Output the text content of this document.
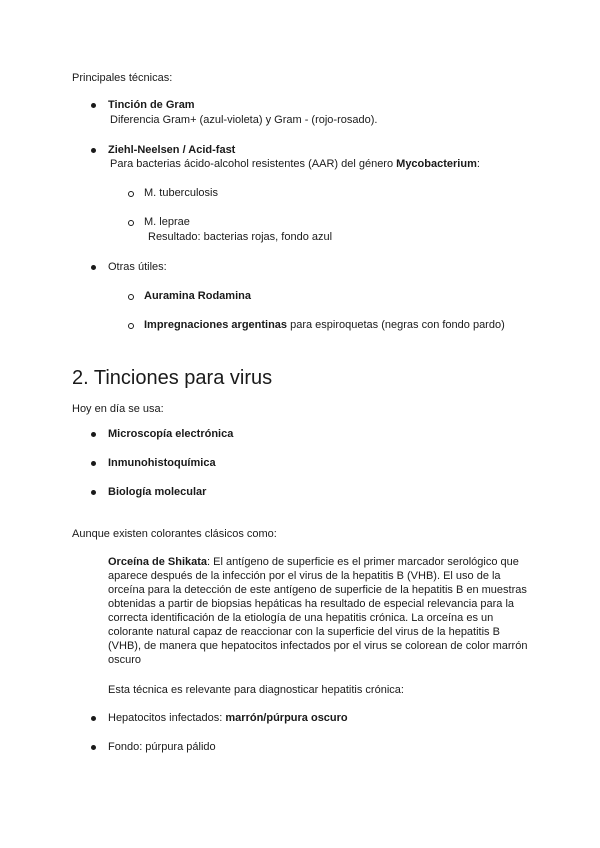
Principales técnicas:
Tinción de Gram
Diferencia Gram+ (azul-violeta) y Gram - (rojo-rosado).
Ziehl-Neelsen / Acid-fast
Para bacterias ácido-alcohol resistentes (AAR) del género Mycobacterium:
M. tuberculosis
M. leprae
Resultado: bacterias rojas, fondo azul
Otras útiles:
Auramina Rodamina
Impregnaciones argentinas para espiroquetas (negras con fondo pardo)
2. Tinciones para virus
Hoy en día se usa:
Microscopía electrónica
Inmunohistoquímica
Biología molecular
Aunque existen colorantes clásicos como:
Orceína de Shikata: El antígeno de superficie es el primer marcador serológico que aparece después de la infección por el virus de la hepatitis B (VHB). El uso de la orceína para la detección de este antígeno de superficie de la hepatitis B en muestras obtenidas a partir de biopsias hepáticas ha resultado de especial relevancia para la correcta identificación de la etiología de una hepatitis crónica. La orceína es un colorante natural capaz de reaccionar con la superficie del virus de la hepatitis B (VHB), de manera que hepatocitos infectados por el virus se colorean de color marrón oscuro
Esta técnica es relevante para diagnosticar hepatitis crónica:
Hepatocitos infectados: marrón/púrpura oscuro
Fondo: púrpura pálido
